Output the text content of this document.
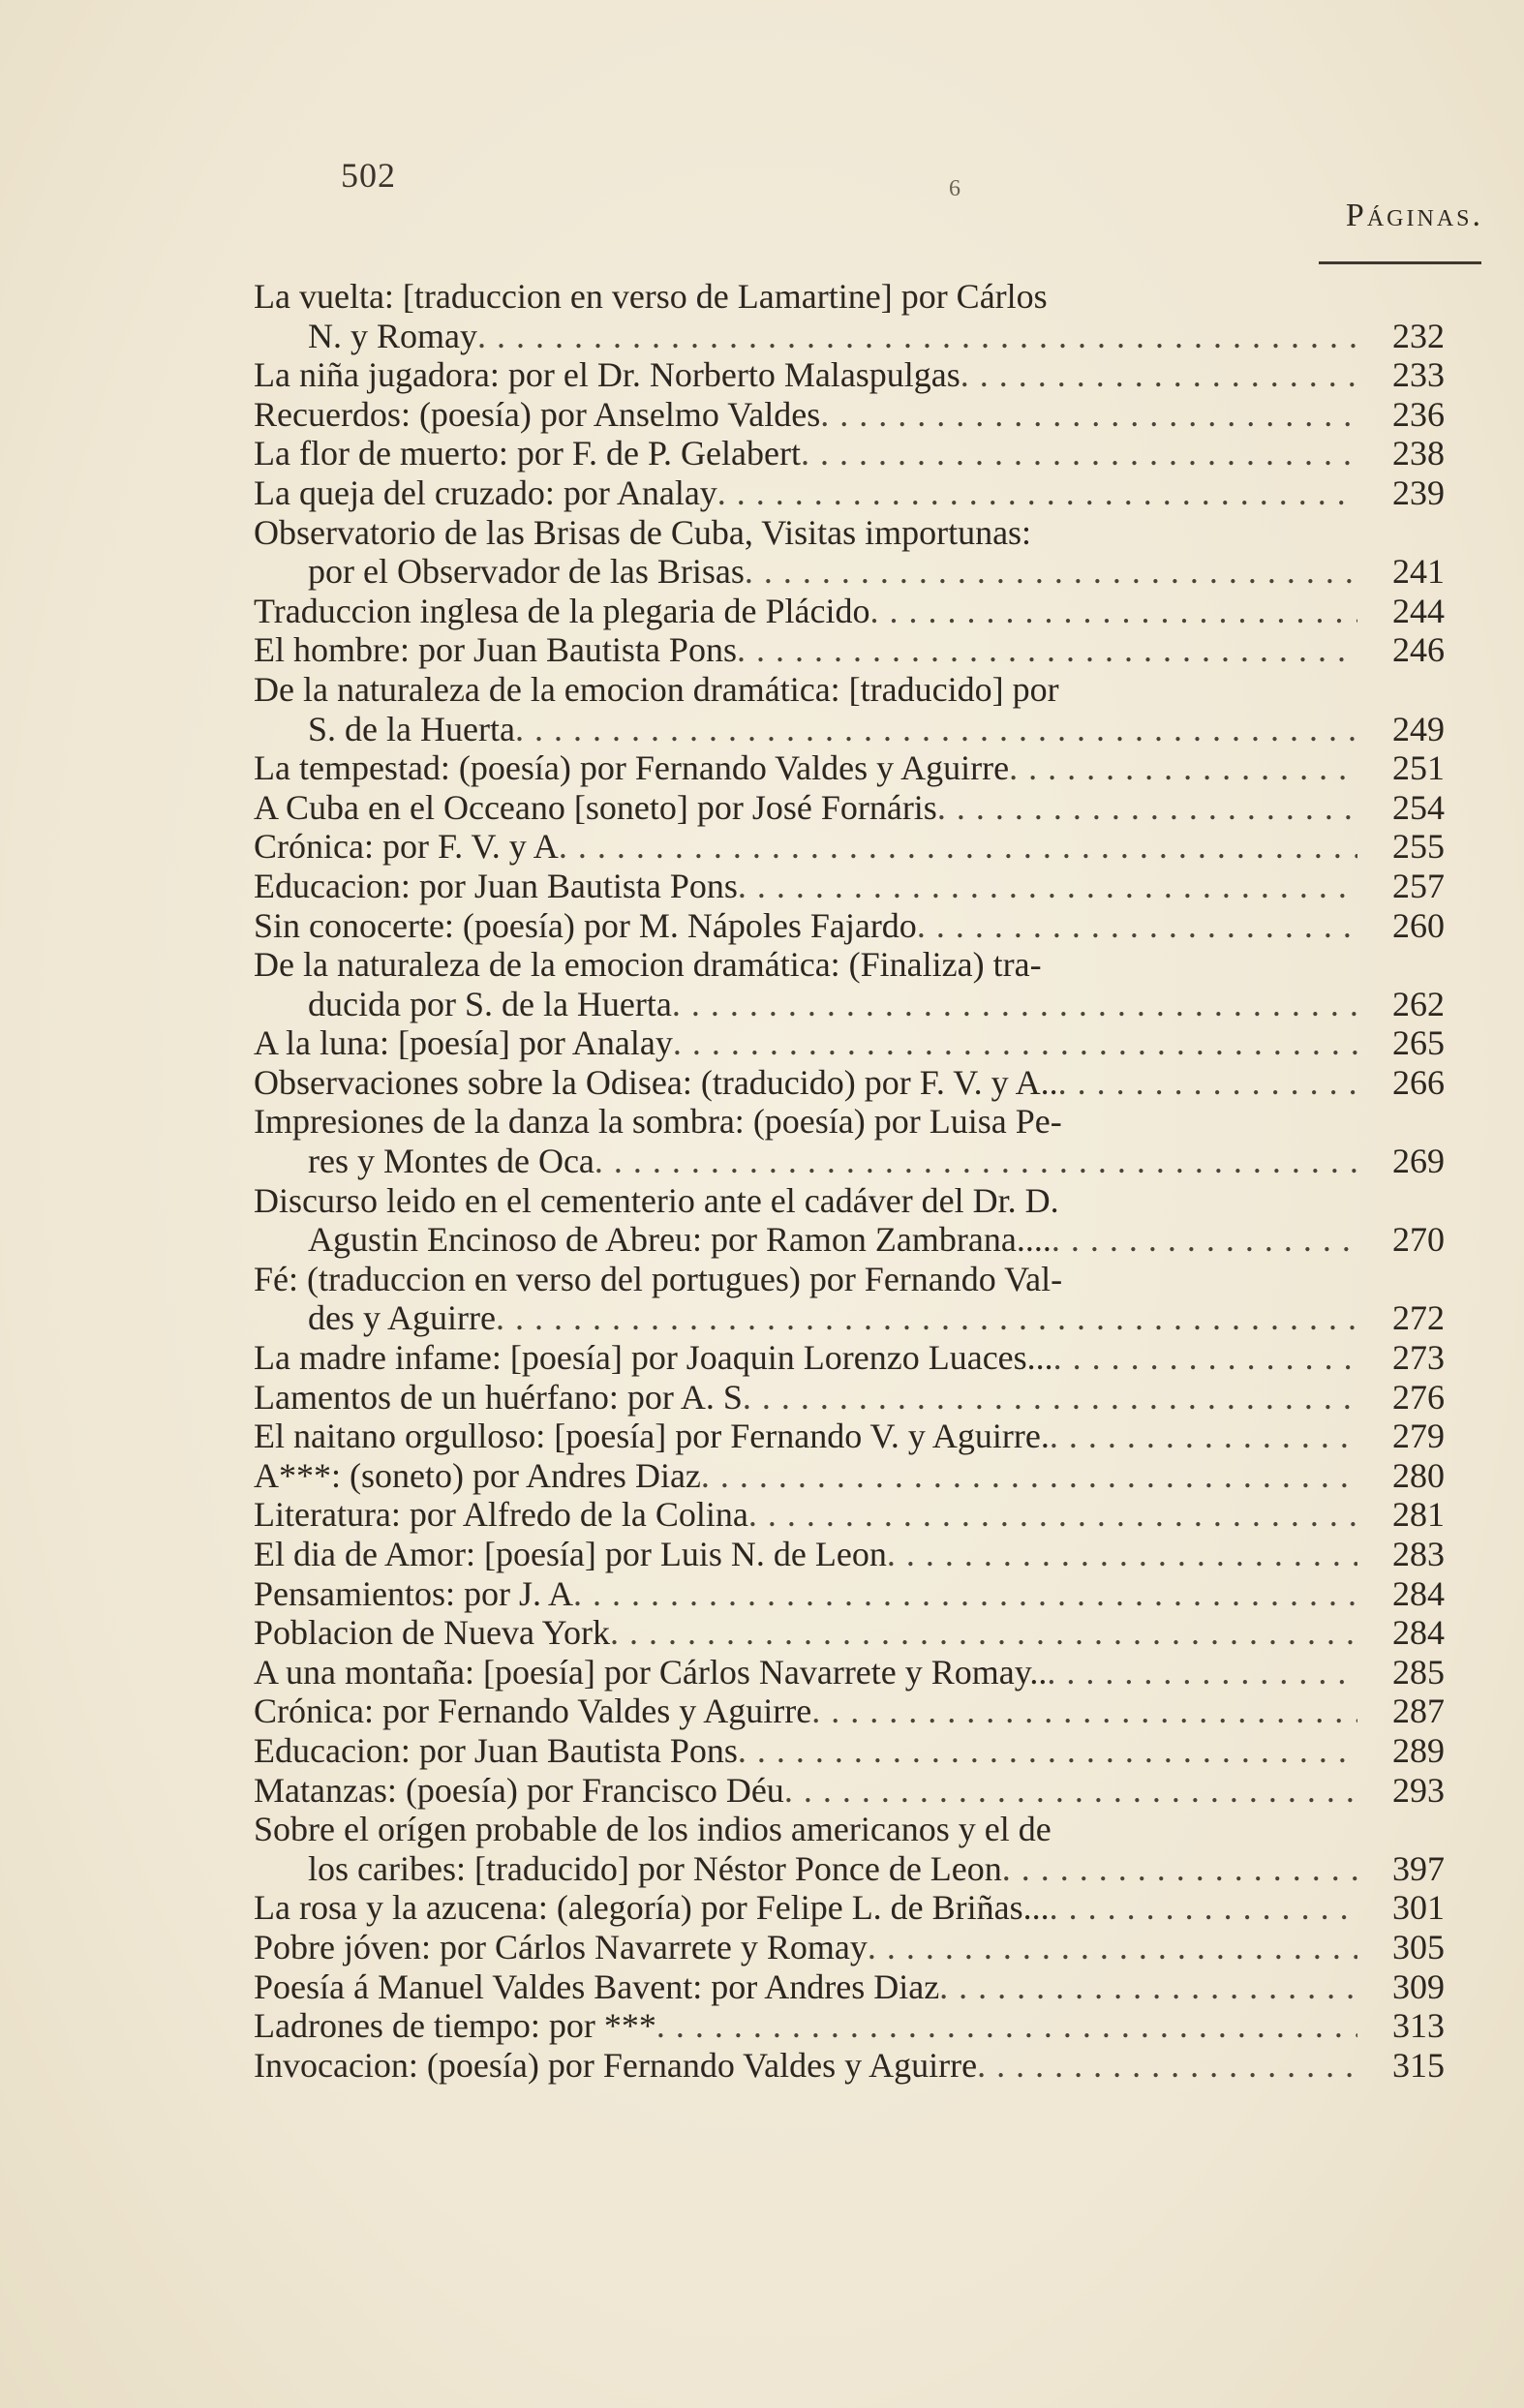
502	6
Páginas.
La vuelta: [traduccion en verso de Lamartine] por Cárlos
N. y Romay . . .	232
La niña jugadora: por el Dr. Norberto Malaspulgas . . .	233
Recuerdos: (poesía) por Anselmo Valdes . . .	236
La flor de muerto: por F. de P. Gelabert . . .	238
La queja del cruzado: por Analay . . .	239
Observatorio de las Brisas de Cuba, Visitas importunas:
por el Observador de las Brisas . . .	241
Traduccion inglesa de la plegaria de Plácido . . .	244
El hombre: por Juan Bautista Pons . . .	246
De la naturaleza de la emocion dramática: [traducido] por
S. de la Huerta . . .	249
La tempestad: (poesía) por Fernando Valdes y Aguirre . . .	251
A Cuba en el Occeano [soneto] por José Fornáris . . .	254
Crónica: por F. V. y A . . .	255
Educacion: por Juan Bautista Pons . . .	257
Sin conocerte: (poesía) por M. Nápoles Fajardo . . .	260
De la naturaleza de la emocion dramática: (Finaliza) tra-
ducida por S. de la Huerta . . .	262
A la luna: [poesía] por Analay . . .	265
Observaciones sobre la Odisea: (traducido) por F. V. y A.. . . .	266
Impresiones de la danza la sombra: (poesía) por Luisa Pe-
res y Montes de Oca . . .	269
Discurso leido en el cementerio ante el cadáver del Dr. D.
Agustin Encinoso de Abreu: por Ramon Zambrana.... . . .	270
Fé: (traduccion en verso del portugues) por Fernando Val-
des y Aguirre . . .	272
La madre infame: [poesía] por Joaquin Lorenzo Luaces... . . .	273
Lamentos de un huérfano: por A. S . . .	276
El naitano orgulloso: [poesía] por Fernando V. y Aguirre. . . .	279
A***: (soneto) por Andres Diaz . . .	280
Literatura: por Alfredo de la Colina . . .	281
El dia de Amor: [poesía] por Luis N. de Leon . . .	283
Pensamientos: por J. A . . .	284
Poblacion de Nueva York . . .	284
A una montaña: [poesía] por Cárlos Navarrete y Romay.. . . .	285
Crónica: por Fernando Valdes y Aguirre . . .	287
Educacion: por Juan Bautista Pons . . .	289
Matanzas: (poesía) por Francisco Déu . . .	293
Sobre el orígen probable de los indios americanos y el de
los caribes: [traducido] por Néstor Ponce de Leon . . .	397
La rosa y la azucena: (alegoría) por Felipe L. de Briñas... . . .	301
Pobre jóven: por Cárlos Navarrete y Romay . . .	305
Poesía á Manuel Valdes Bavent: por Andres Diaz . . .	309
Ladrones de tiempo: por *** . . .	313
Invocacion: (poesía) por Fernando Valdes y Aguirre . . .	315
